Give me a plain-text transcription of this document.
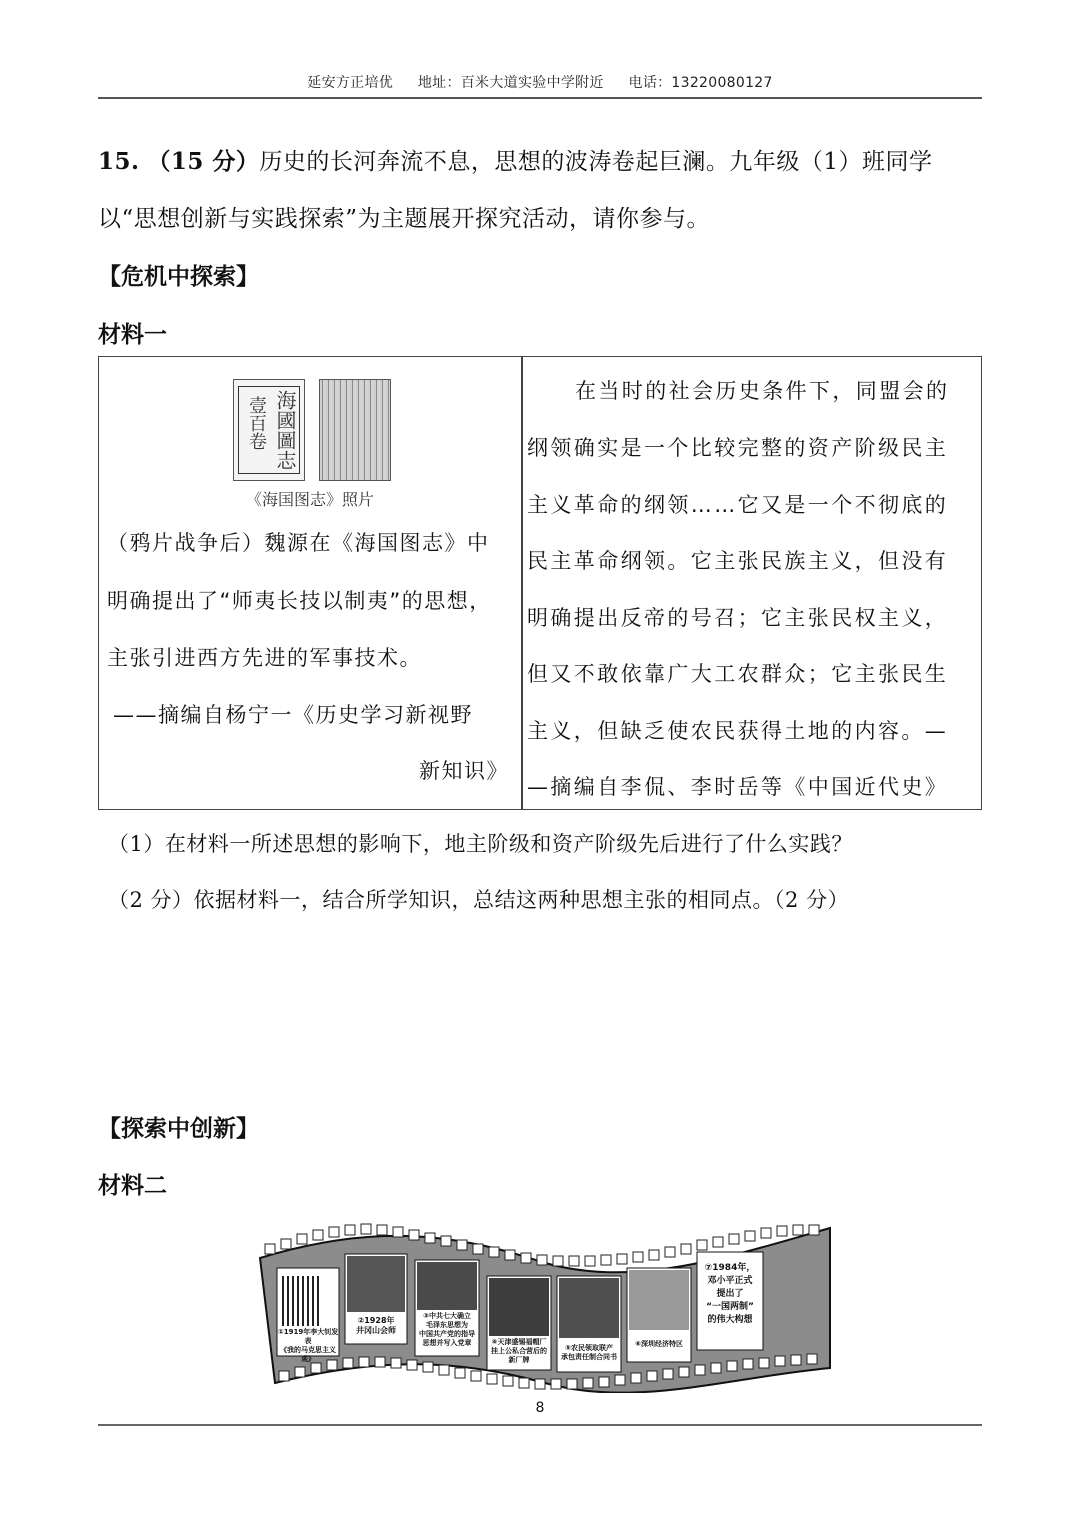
延安方正培优 地址：百米大道实验中学附近 电话：13220080127
15. （15 分）历史的长河奔流不息，思想的波涛卷起巨澜。九年级（1）班同学
以“思想创新与实践探索”为主题展开探究活动，请你参与。
【危机中探索】
材料一
海國圖志
壹百卷
《海国图志》照片
（鸦片战争后）魏源在《海国图志》中
明确提出了“师夷长技以制夷”的思想，
主张引进西方先进的军事技术。
——摘编自杨宁一《历史学习新视野
新知识》
在当时的社会历史条件下，同盟会的
纲领确实是一个比较完整的资产阶级民主
主义革命的纲领……它又是一个不彻底的
民主革命纲领。它主张民族主义，但没有
明确提出反帝的号召；它主张民权主义，
但又不敢依靠广大工农群众；它主张民生
主义，但缺乏使农民获得土地的内容。—
—摘编自李侃、李时岳等《中国近代史》
（1）在材料一所述思想的影响下，地主阶级和资产阶级先后进行了什么实践？
（2 分）依据材料一，结合所学知识，总结这两种思想主张的相同点。（2 分）
【探索中创新】
材料二
①1919年李大钊发表
《我的马克思主义观》
②1928年
井冈山会师
③中共七大确立
毛泽东思想为
中国共产党的指导
思想并写入党章	④天津盛锡福帽厂
挂上公私合营后的
新厂牌
⑤农民领取联产
承包责任制合同书
⑥深圳经济特区
⑦1984年，
邓小平正式
提出了
“一国两制”
的伟大构想
8
